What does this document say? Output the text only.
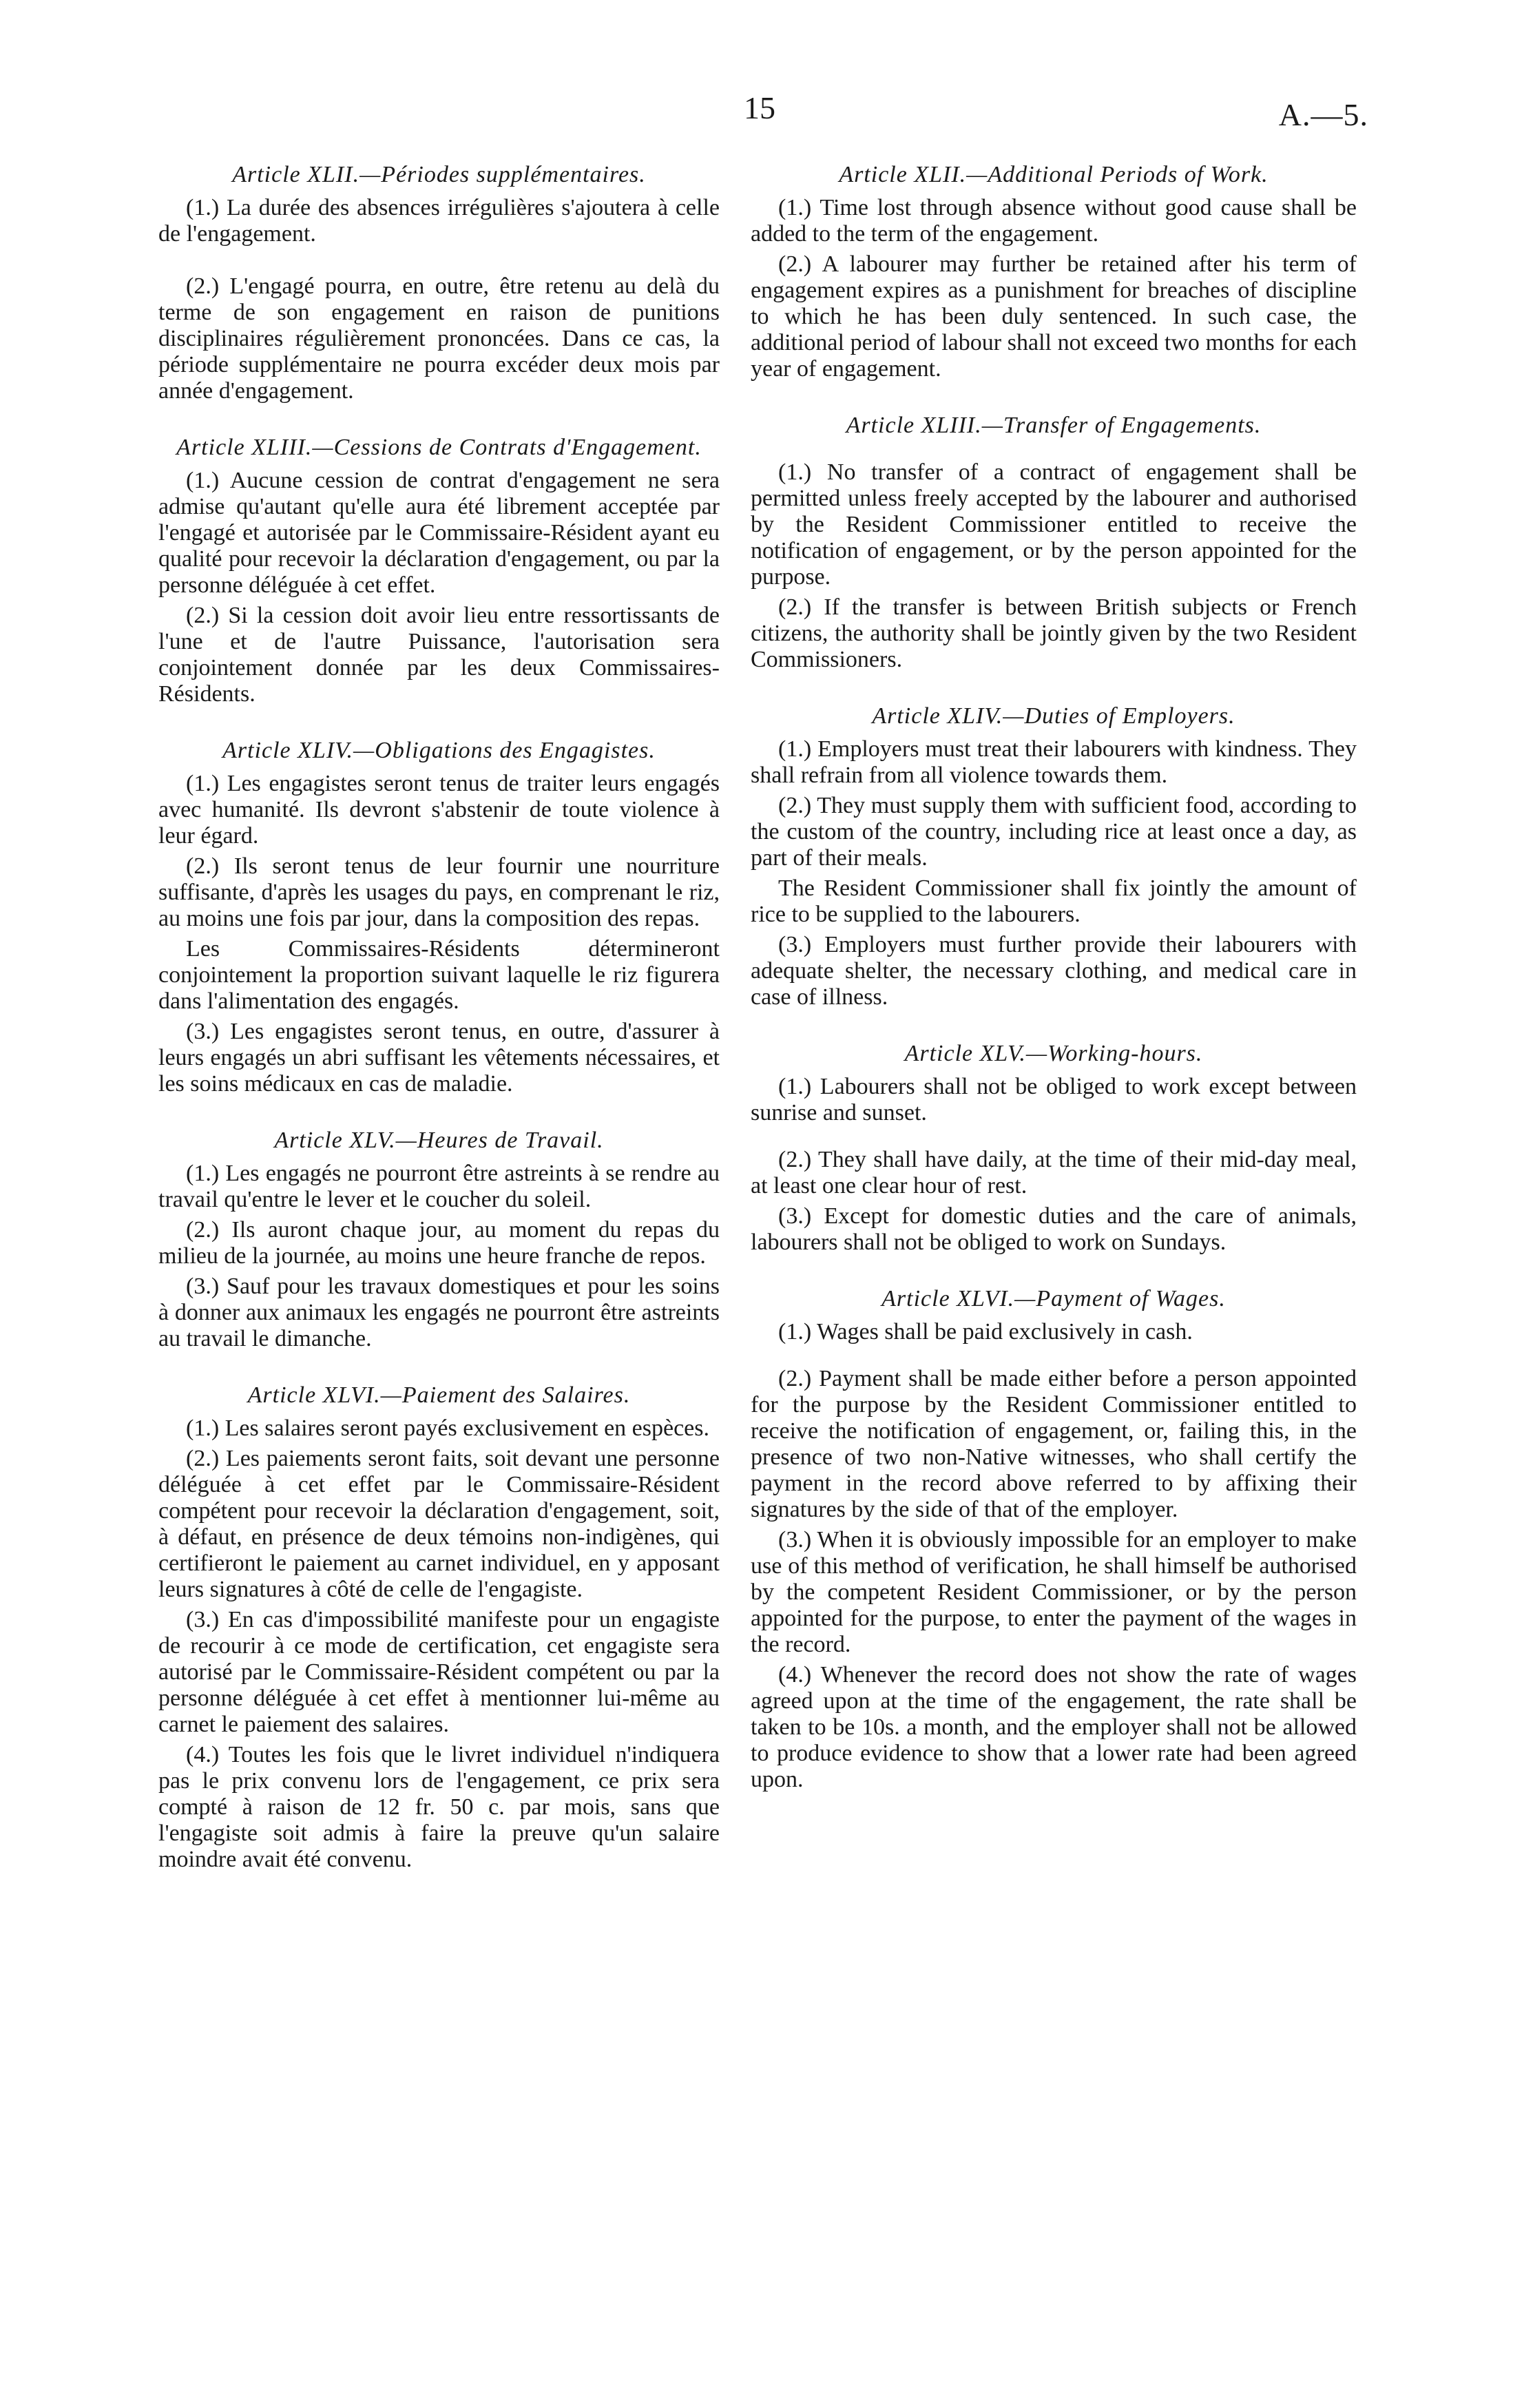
15	A.—5.
Article XLII.—Périodes supplémentaires.

(1.) La durée des absences irrégulières s'ajoutera à celle de l'engagement.

(2.) L'engagé pourra, en outre, être retenu au delà du terme de son engagement en raison de punitions disciplinaires régulièrement prononcées. Dans ce cas, la période supplémentaire ne pourra excéder deux mois par année d'engagement.

Article XLIII.—Cessions de Contrats d'Engagement.

(1.) Aucune cession de contrat d'engagement ne sera admise qu'autant qu'elle aura été librement acceptée par l'engagé et autorisée par le Commissaire-Résident ayant eu qualité pour recevoir la déclaration d'engagement, ou par la personne déléguée à cet effet.

(2.) Si la cession doit avoir lieu entre ressortissants de l'une et de l'autre Puissance, l'autorisation sera conjointement donnée par les deux Commissaires-Résidents.

Article XLIV.—Obligations des Engagistes.

(1.) Les engagistes seront tenus de traiter leurs engagés avec humanité. Ils devront s'abstenir de toute violence à leur égard.

(2.) Ils seront tenus de leur fournir une nourriture suffisante, d'après les usages du pays, en comprenant le riz, au moins une fois par jour, dans la composition des repas.

Les Commissaires-Résidents détermineront conjointement la proportion suivant laquelle le riz figurera dans l'alimentation des engagés.

(3.) Les engagistes seront tenus, en outre, d'assurer à leurs engagés un abri suffisant les vêtements nécessaires, et les soins médicaux en cas de maladie.

Article XLV.—Heures de Travail.

(1.) Les engagés ne pourront être astreints à se rendre au travail qu'entre le lever et le coucher du soleil.

(2.) Ils auront chaque jour, au moment du repas du milieu de la journée, au moins une heure franche de repos.

(3.) Sauf pour les travaux domestiques et pour les soins à donner aux animaux les engagés ne pourront être astreints au travail le dimanche.

Article XLVI.—Paiement des Salaires.

(1.) Les salaires seront payés exclusivement en espèces.

(2.) Les paiements seront faits, soit devant une personne déléguée à cet effet par le Commissaire-Résident compétent pour recevoir la déclaration d'engagement, soit, à défaut, en présence de deux témoins non-indigènes, qui certifieront le paiement au carnet individuel, en y apposant leurs signatures à côté de celle de l'engagiste.

(3.) En cas d'impossibilité manifeste pour un engagiste de recourir à ce mode de certification, cet engagiste sera autorisé par le Commissaire-Résident compétent ou par la personne déléguée à cet effet à mentionner lui-même au carnet le paiement des salaires.

(4.) Toutes les fois que le livret individuel n'indiquera pas le prix convenu lors de l'engagement, ce prix sera compté à raison de 12 fr. 50 c. par mois, sans que l'engagiste soit admis à faire la preuve qu'un salaire moindre avait été convenu.

Article XLII.—Additional Periods of Work.

(1.) Time lost through absence without good cause shall be added to the term of the engagement.

(2.) A labourer may further be retained after his term of engagement expires as a punishment for breaches of discipline to which he has been duly sentenced. In such case, the additional period of labour shall not exceed two months for each year of engagement.

Article XLIII.—Transfer of Engagements.

(1.) No transfer of a contract of engagement shall be permitted unless freely accepted by the labourer and authorised by the Resident Commissioner entitled to receive the notification of engagement, or by the person appointed for the purpose.

(2.) If the transfer is between British subjects or French citizens, the authority shall be jointly given by the two Resident Commissioners.

Article XLIV.—Duties of Employers.

(1.) Employers must treat their labourers with kindness. They shall refrain from all violence towards them.

(2.) They must supply them with sufficient food, according to the custom of the country, including rice at least once a day, as part of their meals.

The Resident Commissioner shall fix jointly the amount of rice to be supplied to the labourers.

(3.) Employers must further provide their labourers with adequate shelter, the necessary clothing, and medical care in case of illness.

Article XLV.—Working-hours.

(1.) Labourers shall not be obliged to work except between sunrise and sunset.

(2.) They shall have daily, at the time of their mid-day meal, at least one clear hour of rest.

(3.) Except for domestic duties and the care of animals, labourers shall not be obliged to work on Sundays.

Article XLVI.—Payment of Wages.

(1.) Wages shall be paid exclusively in cash.

(2.) Payment shall be made either before a person appointed for the purpose by the Resident Commissioner entitled to receive the notification of engagement, or, failing this, in the presence of two non-Native witnesses, who shall certify the payment in the record above referred to by affixing their signatures by the side of that of the employer.

(3.) When it is obviously impossible for an employer to make use of this method of verification, he shall himself be authorised by the competent Resident Commissioner, or by the person appointed for the purpose, to enter the payment of the wages in the record.

(4.) Whenever the record does not show the rate of wages agreed upon at the time of the engagement, the rate shall be taken to be 10s. a month, and the employer shall not be allowed to produce evidence to show that a lower rate had been agreed upon.
